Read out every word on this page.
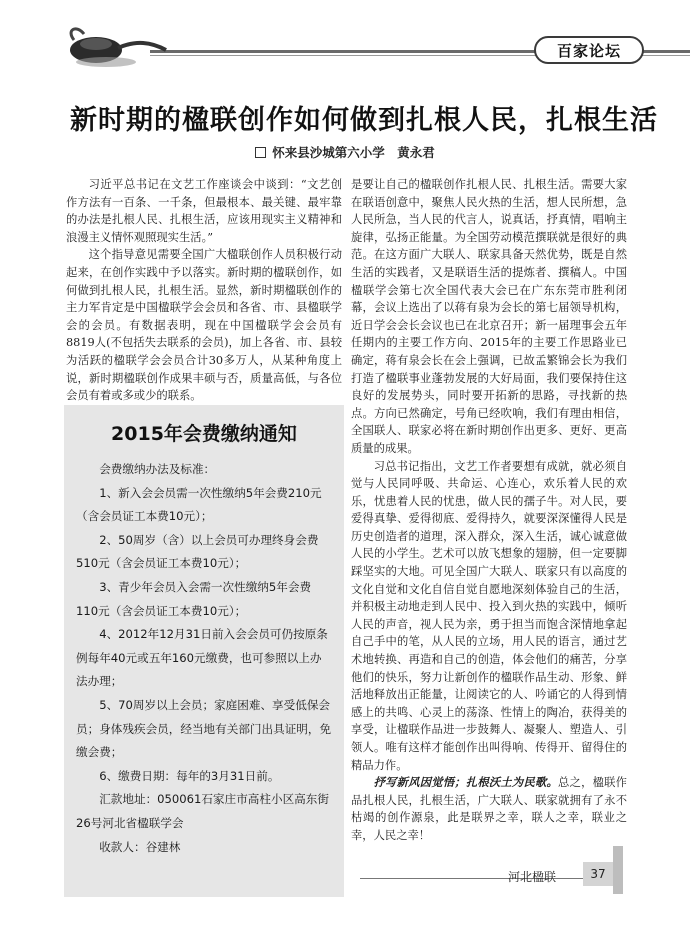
百家论坛
新时期的楹联创作如何做到扎根人民，扎根生活
怀来县沙城第六小学　黄永君

习近平总书记在文艺工作座谈会中谈到：“文艺创作方法有一百条、一千条，但最根本、最关键、最牢靠的办法是扎根人民、扎根生活，应该用现实主义精神和浪漫主义情怀观照现实生活。”

这个指导意见需要全国广大楹联创作人员积极行动起来，在创作实践中予以落实。新时期的楹联创作，如何做到扎根人民，扎根生活。显然，新时期楹联创作的主力军肯定是中国楹联学会会员和各省、市、县楹联学会的会员。有数据表明，现在中国楹联学会会员有8819人(不包括失去联系的会员)，加上各省、市、县较为活跃的楹联学会会员合计30多万人，从某种角度上说，新时期楹联创作成果丰硕与否，质量高低，与各位会员有着或多或少的联系。

2015年会费缴纳通知

会费缴纳办法及标准：

1、新入会会员需一次性缴纳5年会费210元（含会员证工本费10元）；

2、50周岁（含）以上会员可办理终身会费510元（含会员证工本费10元）；

3、青少年会员入会需一次性缴纳5年会费110元（含会员证工本费10元）；

4、2012年12月31日前入会会员可仍按原条例每年40元或五年160元缴费，也可参照以上办法办理；

5、70周岁以上会员；家庭困难、享受低保会员；身体残疾会员，经当地有关部门出具证明，免缴会费；

6、缴费日期：每年的3月31日前。

汇款地址：050061石家庄市高柱小区高东街26号河北省楹联学会

收款人：谷建林

是要让自己的楹联创作扎根人民、扎根生活。需要大家在联语创意中，聚焦人民火热的生活，想人民所想，急人民所急，当人民的代言人，说真话，抒真情，唱响主旋律，弘扬正能量。为全国劳动模范撰联就是很好的典范。在这方面广大联人、联家具备天然优势，既是自然生活的实践者，又是联语生活的提炼者、撰稿人。中国楹联学会第七次全国代表大会已在广东东莞市胜利闭幕，会议上选出了以蒋有泉为会长的第七届领导机构，近日学会会长会议也已在北京召开；新一届理事会五年任期内的主要工作方向、2015年的主要工作思路业已确定，蒋有泉会长在会上强调，已故孟繁锦会长为我们打造了楹联事业蓬勃发展的大好局面，我们要保持住这良好的发展势头，同时要开拓新的思路，寻找新的热点。方向已然确定，号角已经吹响，我们有理由相信，全国联人、联家必将在新时期创作出更多、更好、更高质量的成果。

习总书记指出，文艺工作者要想有成就，就必须自觉与人民同呼吸、共命运、心连心，欢乐着人民的欢乐，忧患着人民的忧患，做人民的孺子牛。对人民，要爱得真挚、爱得彻底、爱得持久，就要深深懂得人民是历史创造者的道理，深入群众，深入生活，诚心诚意做人民的小学生。艺术可以放飞想象的翅膀，但一定要脚踩坚实的大地。可见全国广大联人、联家只有以高度的文化自觉和文化自信自觉自愿地深刻体验自己的生活，并积极主动地走到人民中、投入到火热的实践中，倾听人民的声音，视人民为亲，勇于担当而饱含深情地拿起自己手中的笔，从人民的立场，用人民的语言，通过艺术地转换、再造和自己的创造，体会他们的痛苦，分享他们的快乐，努力让新创作的楹联作品生动、形象、鲜活地释放出正能量，让阅读它的人、吟诵它的人得到情感上的共鸣、心灵上的荡涤、性情上的陶冶，获得美的享受，让楹联作品进一步鼓舞人、凝聚人、塑造人、引领人。唯有这样才能创作出叫得响、传得开、留得住的精品力作。

抒写新风因觉悟；扎根沃土为民歌。总之，楹联作品扎根人民，扎根生活，广大联人、联家就拥有了永不枯竭的创作源泉，此是联界之幸，联人之幸，联业之幸，人民之幸！

河北楹联	37
